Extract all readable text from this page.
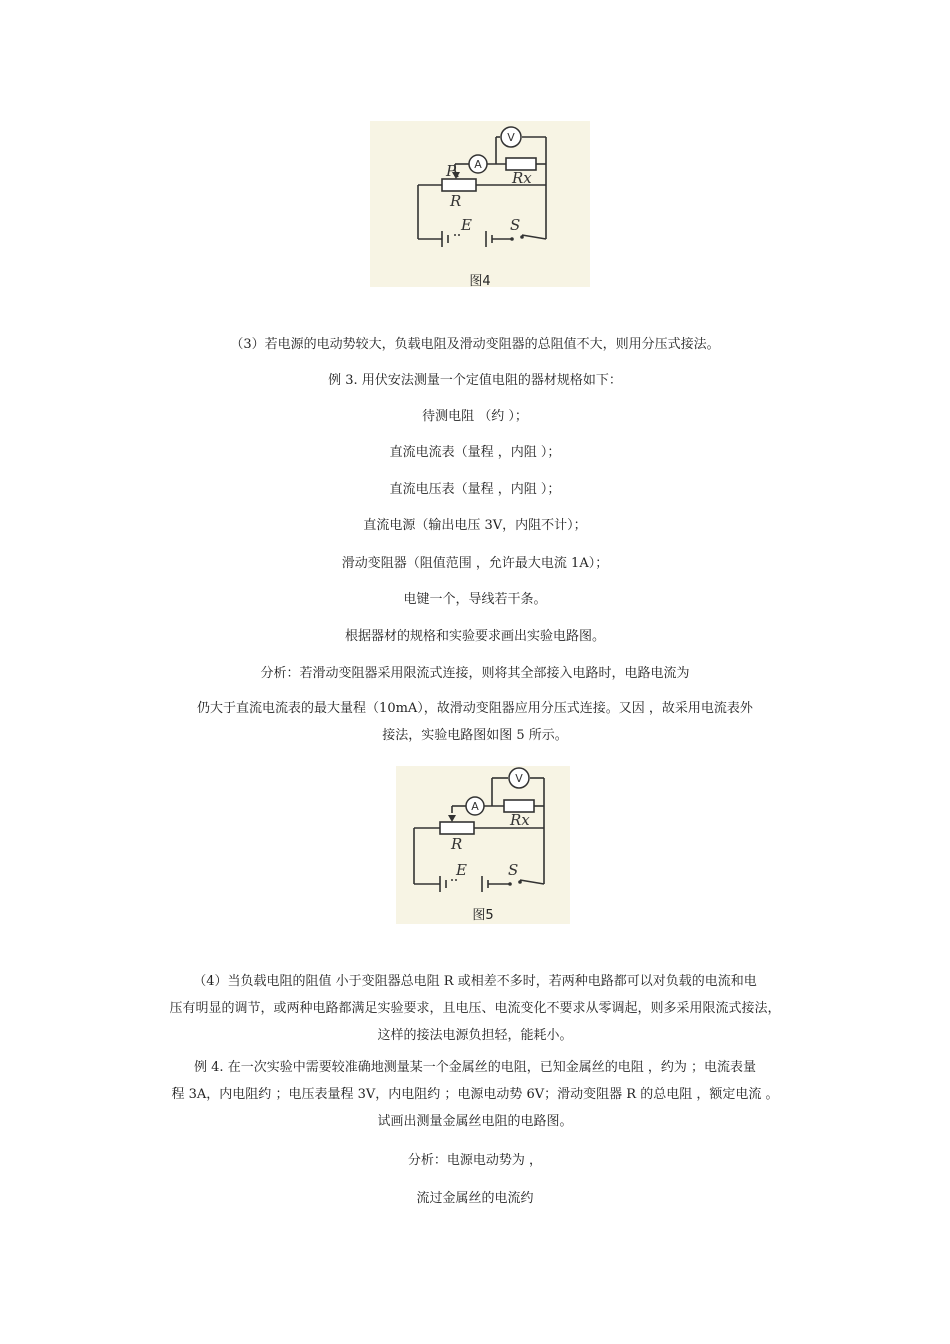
V
A
Rx
R
P
E	S
图4
（3）若电源的电动势较大，负载电阻及滑动变阻器的总阻值不大，则用分压式接法。
例 3. 用伏安法测量一个定值电阻的器材规格如下：
待测电阻 （约 ）；
直流电流表（量程 ，内阻 ）；
直流电压表（量程 ，内阻 ）；
直流电源（输出电压 3V，内阻不计）；
滑动变阻器（阻值范围 ，允许最大电流 1A）；
电键一个，导线若干条。
根据器材的规格和实验要求画出实验电路图。
分析：若滑动变阻器采用限流式连接，则将其全部接入电路时，电路电流为
仍大于直流电流表的最大量程（10mA），故滑动变阻器应用分压式连接。又因 ，故采用电流表外
接法，实验电路图如图 5 所示。
V
A
Rx
R
E	S
图5
（4）当负载电阻的阻值 小于变阻器总电阻 R 或相差不多时，若两种电路都可以对负载的电流和电
压有明显的调节，或两种电路都满足实验要求，且电压、电流变化不要求从零调起，则多采用限流式接法，
这样的接法电源负担轻，能耗小。
例 4. 在一次实验中需要较准确地测量某一个金属丝的电阻，已知金属丝的电阻 ，约为 ；电流表量
程 3A，内电阻约 ；电压表量程 3V，内电阻约 ；电源电动势 6V；滑动变阻器 R 的总电阻 ，额定电流 。
试画出测量金属丝电阻的电路图。
分析：电源电动势为 ，
流过金属丝的电流约
